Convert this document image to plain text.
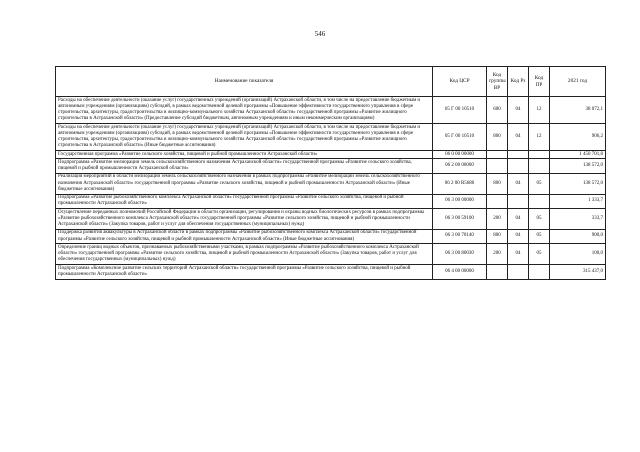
546
Наименование показателя	Код ЦСР	Код группы ВР	Код Рз	Код ПР	2021 год
Расходы на обеспечение деятельности (оказание услуг) государственных учреждений (организаций) Астраханской области, в том числе на предоставление бюджетным и автономным учреждениям (организациям) субсидий, в рамках ведомственной целевой программы «Повышение эффективности государственного управления в сфере строительства, архитектуры, градостроительства и жилищно-коммунального хозяйства Астраханской области» государственной программы «Развитие жилищного строительства в Астраханской области» (Предоставление субсидий бюджетным, автономным учреждениям и иным некоммерческим организациям)	05 Г 00 10510	600	04	12	38 072,1
Расходы на обеспечение деятельности (оказание услуг) государственных учреждений (организаций) Астраханской области, в том числе на предоставление бюджетным и автономным учреждениям (организациям) субсидий, в рамках ведомственной целевой программы «Повышение эффективности государственного управления в сфере строительства, архитектуры, градостроительства и жилищно-коммунального хозяйства Астраханской области» государственной программы «Развитие жилищного строительства в Астраханской области» (Иные бюджетные ассигнования)	05 Г 00 10510	800	04	12	906,2
Государственная программа «Развитие сельского хозяйства, пищевой и рыбной промышленности Астраханской области»	06 0 00 00000				1 450 701,8
Подпрограмма «Развитие мелиорации земель сельскохозяйственного назначения Астраханской области» государственной программы «Развитие сельского хозяйства, пищевой и рыбной промышленности Астраханской области»	06 2 00 00000				138 572,0
Реализация мероприятий в области мелиорации земель сельскохозяйственного назначения в рамках подпрограммы «Развитие мелиорации земель сельскохозяйственного назначения Астраханской области» государственной программы «Развитие сельского хозяйства, пищевой и рыбной промышленности Астраханской области» (Иные бюджетные ассигнования)	06 2 00 R5680	800	04	05	138 572,0
Подпрограмма «Развитие рыбохозяйственного комплекса Астраханской области» государственной программы «Развитие сельского хозяйства, пищевой и рыбной промышленности Астраханской области»	06 3 00 00000				1 333,7
Осуществление переданных полномочий Российской Федерации в области организации, регулирования и охраны водных биологических ресурсов в рамках подпрограммы «Развитие рыбохозяйственного комплекса Астраханской области» государственной программы «Развитие сельского хозяйства, пищевой и рыбной промышленности Астраханской области» (Закупка товаров, работ и услуг для обеспечения государственных (муниципальных) нужд)	06 3 00 59100	200	04	05	333,7
Поддержка развития аквакультуры в Астраханской области в рамках подпрограммы «Развитие рыбохозяйственного комплекса Астраханской области» государственной программы «Развитие сельского хозяйства, пищевой и рыбной промышленности Астраханской области» (Иные бюджетные ассигнования)	06 3 00 70140	800	04	05	900,0
Определение границ водных объектов, признаваемых рыбохозяйственными участками, в рамках подпрограммы «Развитие рыбохозяйственного комплекса Астраханской области» государственной программы «Развитие сельского хозяйства, пищевой и рыбной промышленности Астраханской области» (Закупка товаров, работ и услуг для обеспечения государственных (муниципальных) нужд)	06 3 00 80030	200	04	05	100,0
Подпрограмма «Комплексное развитие сельских территорий Астраханской области» государственной программы «Развитие сельского хозяйства, пищевой и рыбной промышленности Астраханской области»	06 4 00 00000				315 437,0
